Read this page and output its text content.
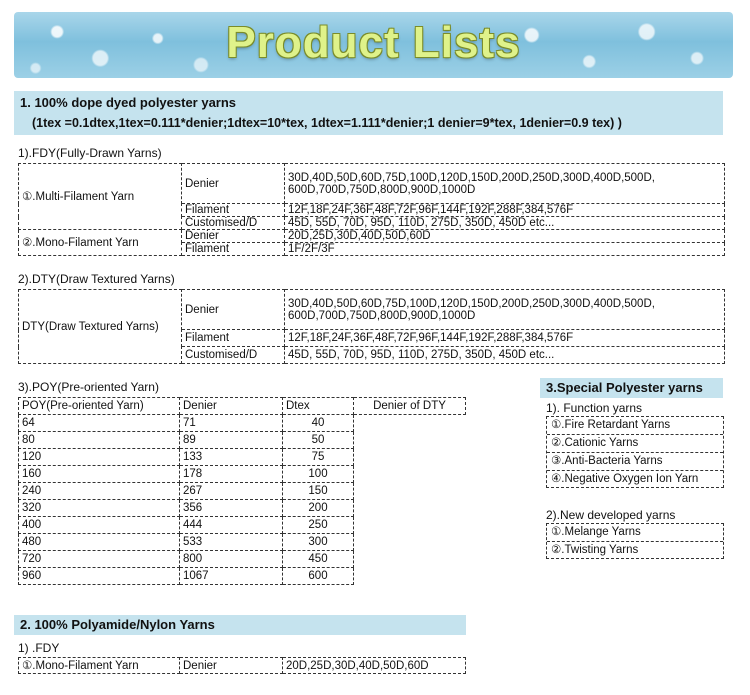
Product Lists
1. 100% dope dyed polyester yarns
(1tex =0.1dtex,1tex=0.111*denier;1dtex=10*tex, 1dtex=1.111*denier;1 denier=9*tex, 1denier=0.9 tex) )
1).FDY(Fully-Drawn Yarns)
①.Multi-Filament Yarn	Denier	30D,40D,50D,60D,75D,100D,120D,150D,200D,250D,300D,400D,500D, 600D,700D,750D,800D,900D,1000D
	Filament	12F,18F,24F,36F,48F,72F,96F,144F,192F,288F,384,576F
	Customised/D	45D, 55D, 70D, 95D, 110D, 275D, 350D, 450D etc...
②.Mono-Filament Yarn	Denier	20D,25D,30D,40D,50D,60D
	Filament	1F/2F/3F
2).DTY(Draw Textured Yarns)
DTY(Draw Textured Yarns)	Denier	30D,40D,50D,60D,75D,100D,120D,150D,200D,250D,300D,400D,500D, 600D,700D,750D,800D,900D,1000D
	Filament	12F,18F,24F,36F,48F,72F,96F,144F,192F,288F,384,576F
	Customised/D	45D, 55D, 70D, 95D, 110D, 275D, 350D, 450D etc...
3).POY(Pre-oriented Yarn)
POY(Pre-oriented Yarn)	Denier	Dtex	Denier of DTY
64	71	40	
80	89	50	
120	133	75	
160	178	100	
240	267	150	
320	356	200	
400	444	250	
480	533	300	
720	800	450	
960	1067	600	
3.Special Polyester yarns
1). Function yarns
①.Fire Retardant Yarns
②.Cationic Yarns
③.Anti-Bacteria Yarns
④.Negative Oxygen Ion Yarn
2).New developed yarns
①.Melange Yarns
②.Twisting Yarns
2. 100% Polyamide/Nylon Yarns
1) .FDY
①.Mono-Filament Yarn	Denier	20D,25D,30D,40D,50D,60D
